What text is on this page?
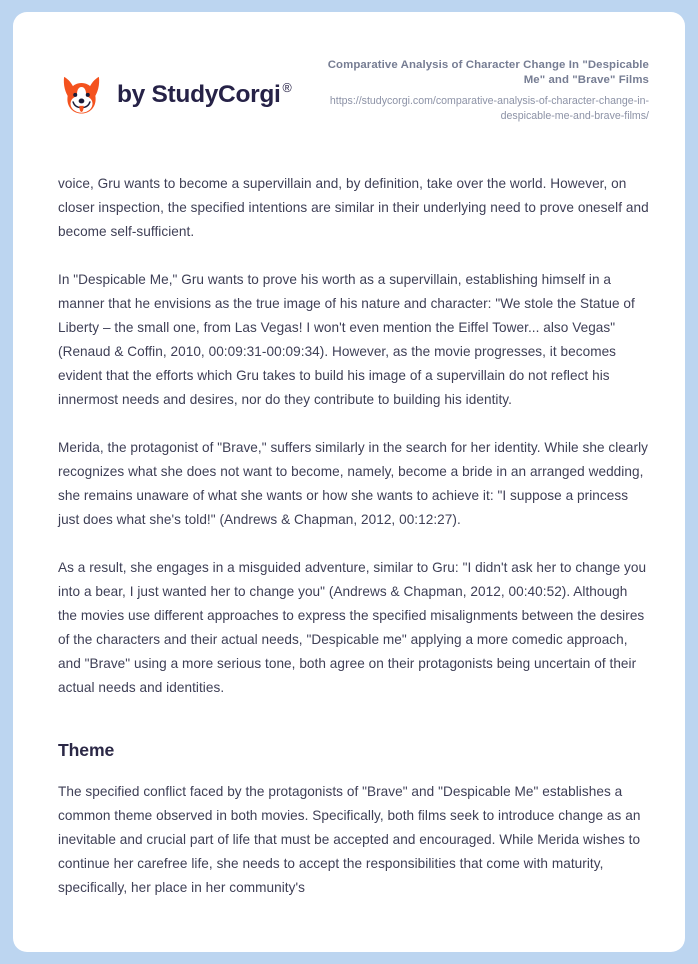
by StudyCorgi ®

Comparative Analysis of Character Change In "Despicable Me" and "Brave" Films

https://studycorgi.com/comparative-analysis-of-character-change-in-despicable-me-and-brave-films/

voice, Gru wants to become a supervillain and, by definition, take over the world. However, on closer inspection, the specified intentions are similar in their underlying need to prove oneself and become self-sufficient.

In "Despicable Me," Gru wants to prove his worth as a supervillain, establishing himself in a manner that he envisions as the true image of his nature and character: "We stole the Statue of Liberty – the small one, from Las Vegas! I won't even mention the Eiffel Tower... also Vegas" (Renaud & Coffin, 2010, 00:09:31-00:09:34). However, as the movie progresses, it becomes evident that the efforts which Gru takes to build his image of a supervillain do not reflect his innermost needs and desires, nor do they contribute to building his identity.

Merida, the protagonist of "Brave," suffers similarly in the search for her identity. While she clearly recognizes what she does not want to become, namely, become a bride in an arranged wedding, she remains unaware of what she wants or how she wants to achieve it: "I suppose a princess just does what she's told!" (Andrews & Chapman, 2012, 00:12:27).

As a result, she engages in a misguided adventure, similar to Gru: "I didn't ask her to change you into a bear, I just wanted her to change you" (Andrews & Chapman, 2012, 00:40:52). Although the movies use different approaches to express the specified misalignments between the desires of the characters and their actual needs, "Despicable me" applying a more comedic approach, and "Brave" using a more serious tone, both agree on their protagonists being uncertain of their actual needs and identities.

Theme

The specified conflict faced by the protagonists of "Brave" and "Despicable Me" establishes a common theme observed in both movies. Specifically, both films seek to introduce change as an inevitable and crucial part of life that must be accepted and encouraged. While Merida wishes to continue her carefree life, she needs to accept the responsibilities that come with maturity, specifically, her place in her community's
